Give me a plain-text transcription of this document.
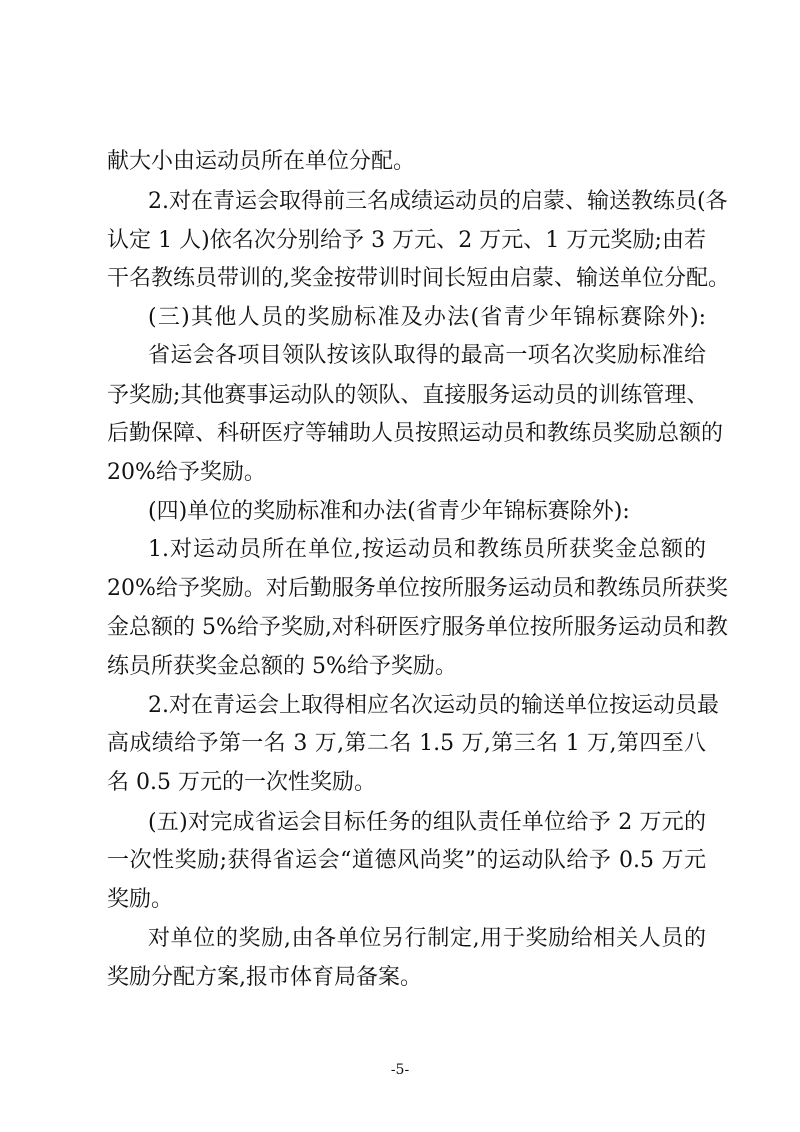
献大小由运动员所在单位分配。
2.对在青运会取得前三名成绩运动员的启蒙、输送教练员(各
认定 1 人)依名次分别给予 3 万元、2 万元、1 万元奖励;由若
干名教练员带训的,奖金按带训时间长短由启蒙、输送单位分配。
(三)其他人员的奖励标准及办法(省青少年锦标赛除外):
省运会各项目领队按该队取得的最高一项名次奖励标准给
予奖励;其他赛事运动队的领队、直接服务运动员的训练管理、
后勤保障、科研医疗等辅助人员按照运动员和教练员奖励总额的
20%给予奖励。
(四)单位的奖励标准和办法(省青少年锦标赛除外):
1.对运动员所在单位,按运动员和教练员所获奖金总额的
20%给予奖励。对后勤服务单位按所服务运动员和教练员所获奖
金总额的 5%给予奖励,对科研医疗服务单位按所服务运动员和教
练员所获奖金总额的 5%给予奖励。
2.对在青运会上取得相应名次运动员的输送单位按运动员最
高成绩给予第一名 3 万,第二名 1.5 万,第三名 1 万,第四至八
名 0.5 万元的一次性奖励。
(五)对完成省运会目标任务的组队责任单位给予 2 万元的
一次性奖励;获得省运会“道德风尚奖”的运动队给予 0.5 万元
奖励。
对单位的奖励,由各单位另行制定,用于奖励给相关人员的
奖励分配方案,报市体育局备案。
-5-
